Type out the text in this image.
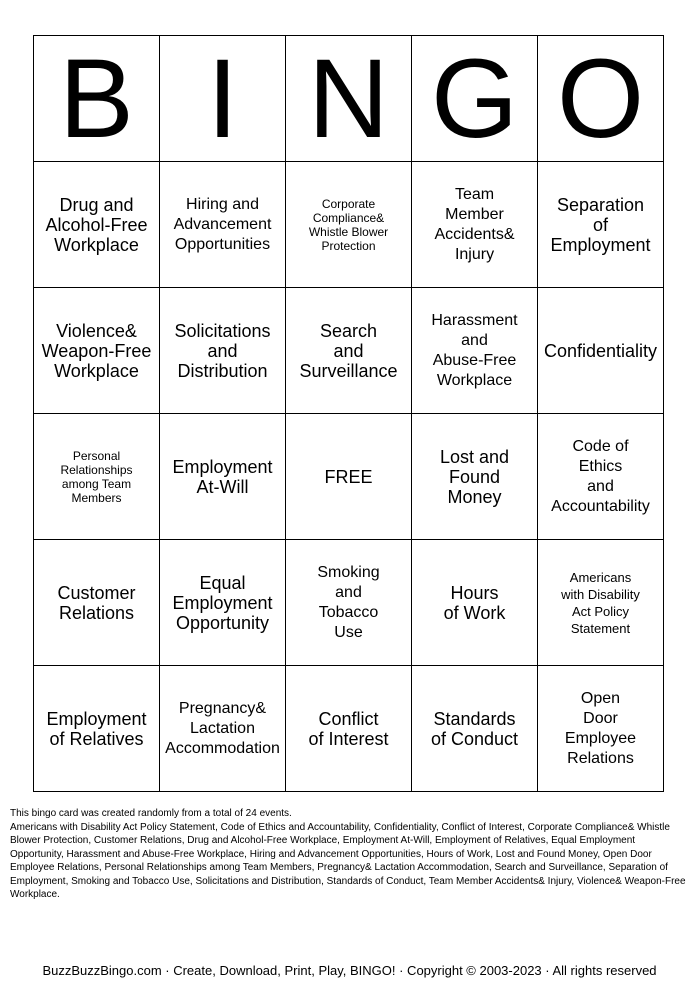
B	I	N	G	O

Drug and
Alcohol-Free
Workplace	Hiring and
Advancement
Opportunities	Corporate
Compliance&
Whistle Blower
Protection	Team
Member
Accidents&
Injury	Separation
of
Employment

Violence&
Weapon-Free
Workplace	Solicitations
and
Distribution	Search
and
Surveillance	Harassment
and
Abuse-Free
Workplace	Confidentiality

Personal
Relationships
among Team
Members	Employment
At-Will	FREE	Lost and
Found
Money	Code of
Ethics
and
Accountability

Customer
Relations	Equal
Employment
Opportunity	Smoking
and
Tobacco
Use	Hours
of Work	Americans
with Disability
Act Policy
Statement

Employment
of Relatives	Pregnancy&
Lactation
Accommodation	Conflict
of Interest	Standards
of Conduct	Open
Door
Employee
Relations

This bingo card was created randomly from a total of 24 events.

Americans with Disability Act Policy Statement, Code of Ethics and Accountability, Confidentiality, Conflict of Interest, Corporate Compliance& Whistle Blower Protection, Customer Relations, Drug and Alcohol-Free Workplace, Employment At-Will, Employment of Relatives, Equal Employment Opportunity, Harassment and Abuse-Free Workplace, Hiring and Advancement Opportunities, Hours of Work, Lost and Found Money, Open Door Employee Relations, Personal Relationships among Team Members, Pregnancy& Lactation Accommodation, Search and Surveillance, Separation of Employment, Smoking and Tobacco Use, Solicitations and Distribution, Standards of Conduct, Team Member Accidents& Injury, Violence& Weapon-Free Workplace.

BuzzBuzzBingo.com · Create, Download, Print, Play, BINGO! · Copyright © 2003-2023 · All rights reserved
